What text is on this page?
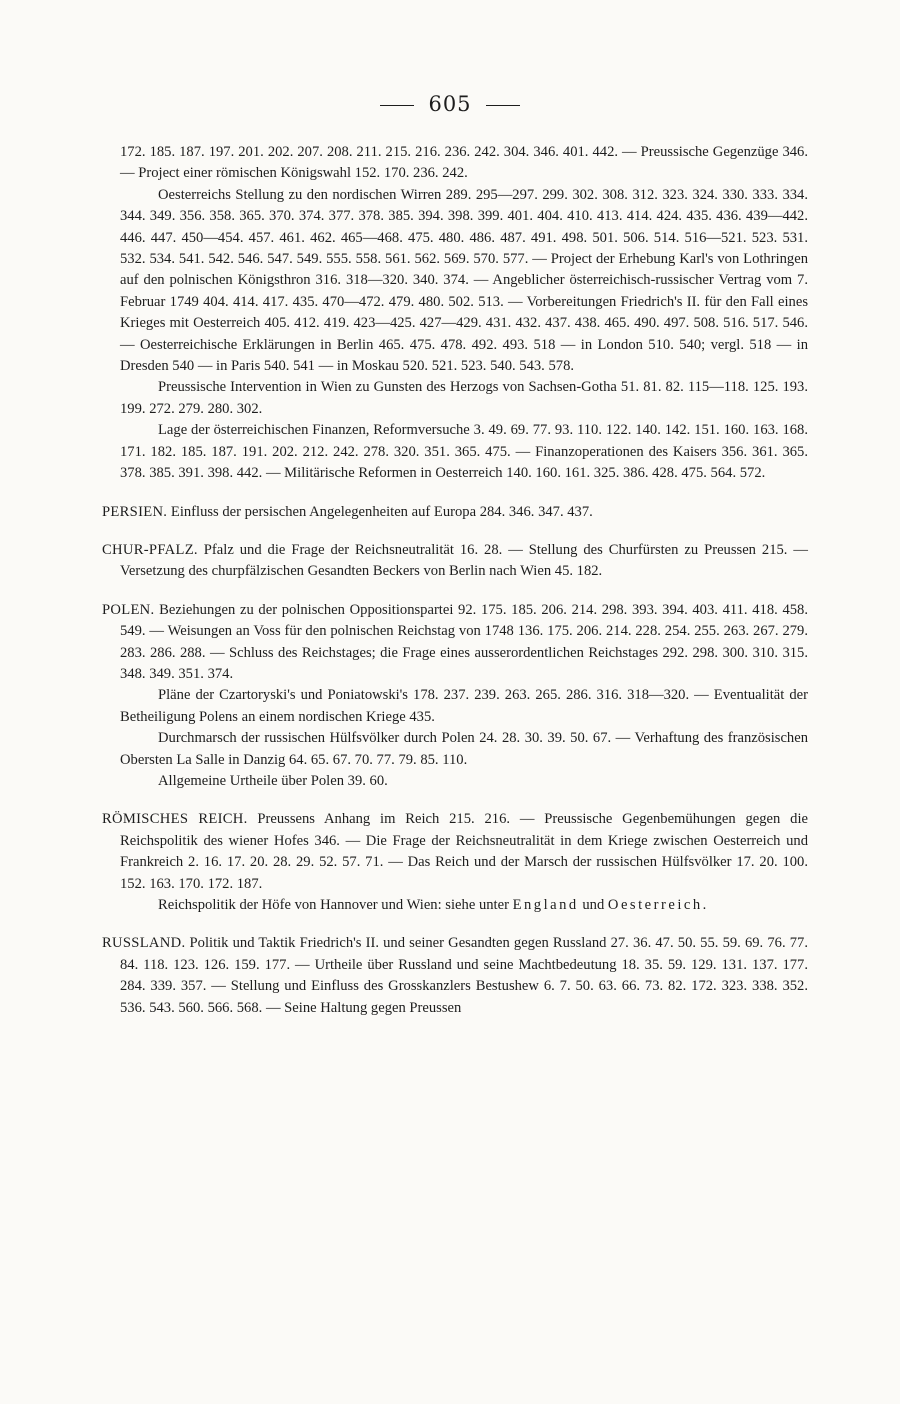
605

172. 185. 187. 197. 201. 202. 207. 208. 211. 215. 216. 236. 242. 304. 346. 401. 442. — Preussische Gegenzüge 346. — Project einer römischen Königswahl 152. 170. 236. 242.

Oesterreichs Stellung zu den nordischen Wirren 289. 295—297. 299. 302. 308. 312. 323. 324. 330. 333. 334. 344. 349. 356. 358. 365. 370. 374. 377. 378. 385. 394. 398. 399. 401. 404. 410. 413. 414. 424. 435. 436. 439—442. 446. 447. 450—454. 457. 461. 462. 465—468. 475. 480. 486. 487. 491. 498. 501. 506. 514. 516—521. 523. 531. 532. 534. 541. 542. 546. 547. 549. 555. 558. 561. 562. 569. 570. 577. — Project der Erhebung Karl's von Lothringen auf den polnischen Königsthron 316. 318—320. 340. 374. — Angeblicher österreichisch-russischer Vertrag vom 7. Februar 1749 404. 414. 417. 435. 470—472. 479. 480. 502. 513. — Vorbereitungen Friedrich's II. für den Fall eines Krieges mit Oesterreich 405. 412. 419. 423—425. 427—429. 431. 432. 437. 438. 465. 490. 497. 508. 516. 517. 546. — Oesterreichische Erklärungen in Berlin 465. 475. 478. 492. 493. 518 — in London 510. 540; vergl. 518 — in Dresden 540 — in Paris 540. 541 — in Moskau 520. 521. 523. 540. 543. 578.

Preussische Intervention in Wien zu Gunsten des Herzogs von Sachsen-Gotha 51. 81. 82. 115—118. 125. 193. 199. 272. 279. 280. 302.

Lage der österreichischen Finanzen, Reformversuche 3. 49. 69. 77. 93. 110. 122. 140. 142. 151. 160. 163. 168. 171. 182. 185. 187. 191. 202. 212. 242. 278. 320. 351. 365. 475. — Finanzoperationen des Kaisers 356. 361. 365. 378. 385. 391. 398. 442. — Militärische Reformen in Oesterreich 140. 160. 161. 325. 386. 428. 475. 564. 572.

PERSIEN. Einfluss der persischen Angelegenheiten auf Europa 284. 346. 347. 437.

CHUR-PFALZ. Pfalz und die Frage der Reichsneutralität 16. 28. — Stellung des Churfürsten zu Preussen 215. — Versetzung des churpfälzischen Gesandten Beckers von Berlin nach Wien 45. 182.

POLEN. Beziehungen zu der polnischen Oppositionspartei 92. 175. 185. 206. 214. 298. 393. 394. 403. 411. 418. 458. 549. — Weisungen an Voss für den polnischen Reichstag von 1748 136. 175. 206. 214. 228. 254. 255. 263. 267. 279. 283. 286. 288. — Schluss des Reichstages; die Frage eines ausserordentlichen Reichstages 292. 298. 300. 310. 315. 348. 349. 351. 374.

Pläne der Czartoryski's und Poniatowski's 178. 237. 239. 263. 265. 286. 316. 318—320. — Eventualität der Betheiligung Polens an einem nordischen Kriege 435.

Durchmarsch der russischen Hülfsvölker durch Polen 24. 28. 30. 39. 50. 67. — Verhaftung des französischen Obersten La Salle in Danzig 64. 65. 67. 70. 77. 79. 85. 110.

Allgemeine Urtheile über Polen 39. 60.

RÖMISCHES REICH. Preussens Anhang im Reich 215. 216. — Preussische Gegenbemühungen gegen die Reichspolitik des wiener Hofes 346. — Die Frage der Reichsneutralität in dem Kriege zwischen Oesterreich und Frankreich 2. 16. 17. 20. 28. 29. 52. 57. 71. — Das Reich und der Marsch der russischen Hülfsvölker 17. 20. 100. 152. 163. 170. 172. 187.

Reichspolitik der Höfe von Hannover und Wien: siehe unter England und Oesterreich.

RUSSLAND. Politik und Taktik Friedrich's II. und seiner Gesandten gegen Russland 27. 36. 47. 50. 55. 59. 69. 76. 77. 84. 118. 123. 126. 159. 177. — Urtheile über Russland und seine Machtbedeutung 18. 35. 59. 129. 131. 137. 177. 284. 339. 357. — Stellung und Einfluss des Grosskanzlers Bestushew 6. 7. 50. 63. 66. 73. 82. 172. 323. 338. 352. 536. 543. 560. 566. 568. — Seine Haltung gegen Preussen
